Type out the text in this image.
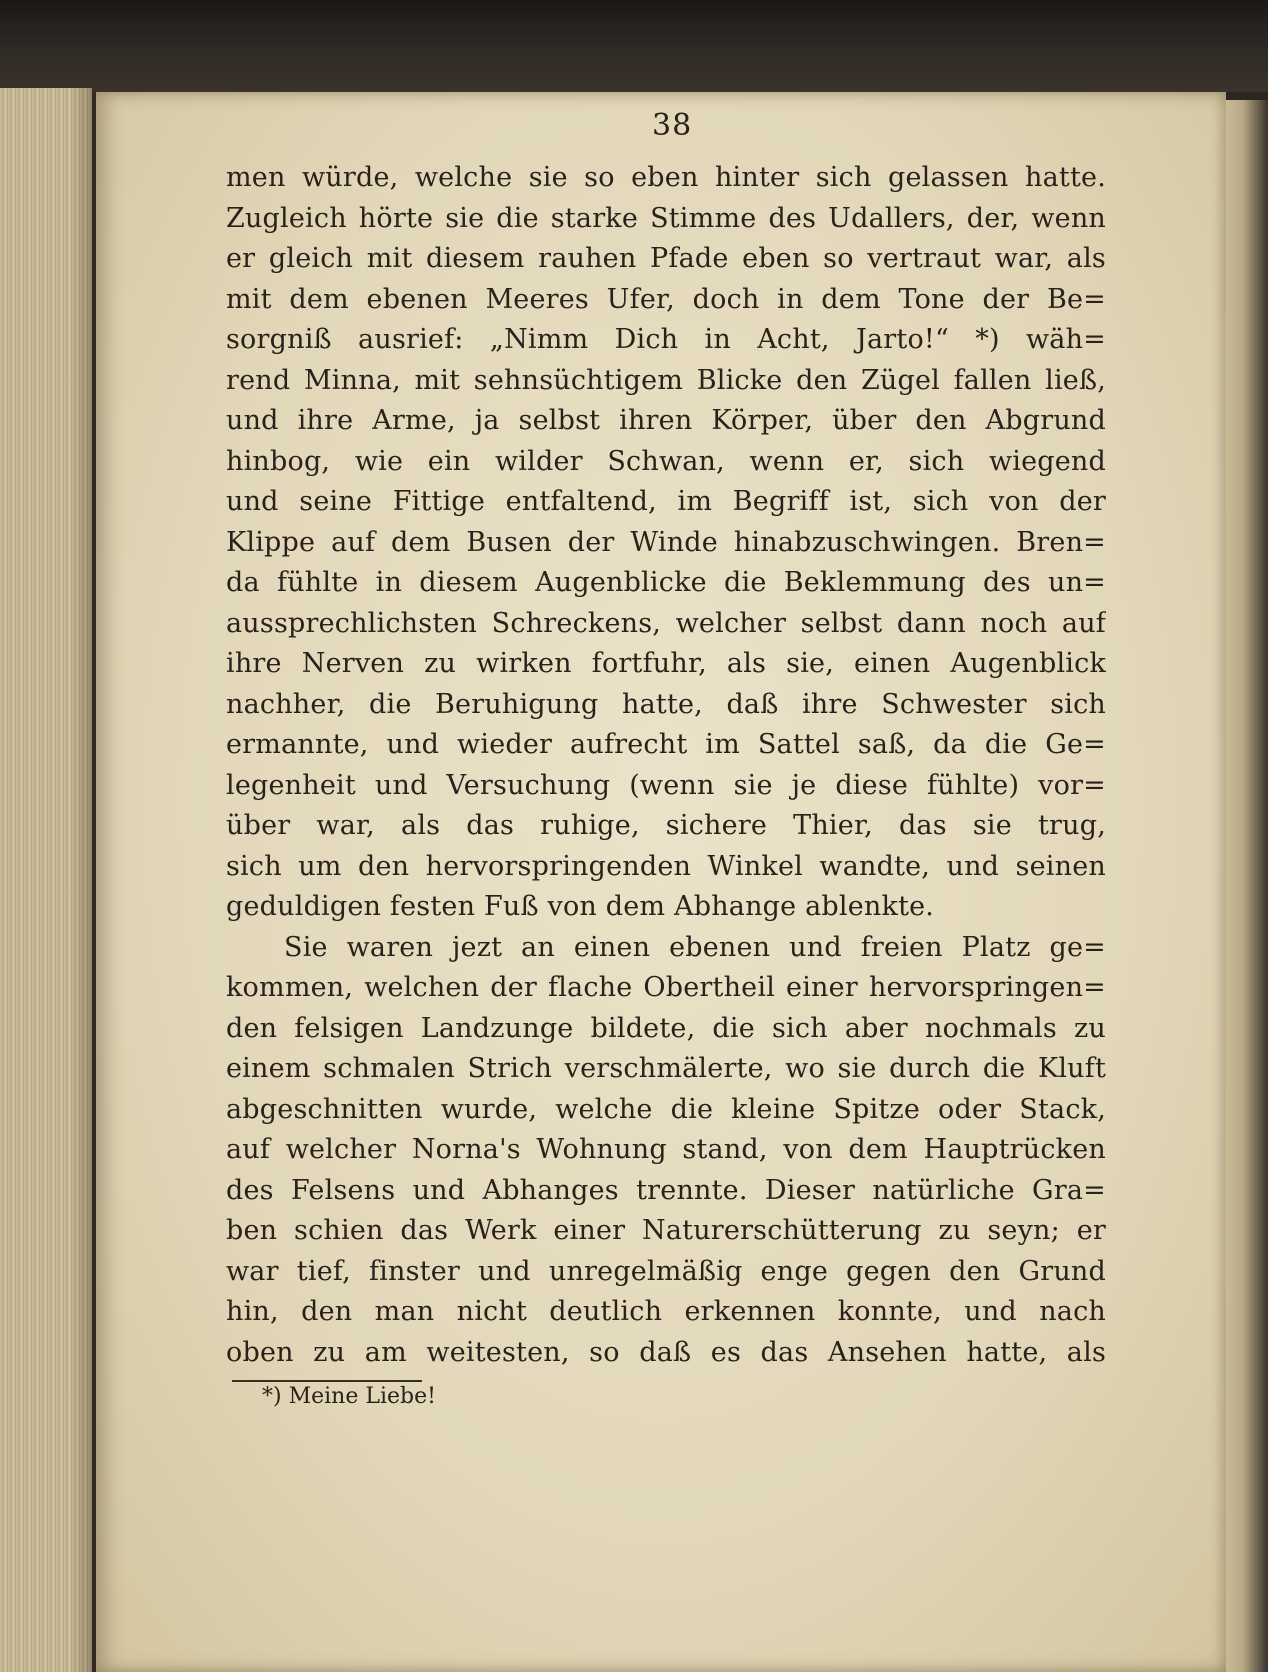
38
men würde, welche sie so eben hinter sich gelassen hatte.
Zugleich hörte sie die starke Stimme des Udallers, der, wenn
er gleich mit diesem rauhen Pfade eben so vertraut war, als
mit dem ebenen Meeres Ufer, doch in dem Tone der Be=
sorgniß ausrief: „Nimm Dich in Acht, Jarto!“ *) wäh=
rend Minna, mit sehnsüchtigem Blicke den Zügel fallen ließ,
und ihre Arme, ja selbst ihren Körper, über den Abgrund
hinbog, wie ein wilder Schwan, wenn er, sich wiegend
und seine Fittige entfaltend, im Begriff ist, sich von der
Klippe auf dem Busen der Winde hinabzuschwingen. Bren=
da fühlte in diesem Augenblicke die Beklemmung des un=
aussprechlichsten Schreckens, welcher selbst dann noch auf
ihre Nerven zu wirken fortfuhr, als sie, einen Augenblick
nachher, die Beruhigung hatte, daß ihre Schwester sich
ermannte, und wieder aufrecht im Sattel saß, da die Ge=
legenheit und Versuchung (wenn sie je diese fühlte) vor=
über war, als das ruhige, sichere Thier, das sie trug,
sich um den hervorspringenden Winkel wandte, und seinen
geduldigen festen Fuß von dem Abhange ablenkte.
Sie waren jezt an einen ebenen und freien Platz ge=
kommen, welchen der flache Obertheil einer hervorspringen=
den felsigen Landzunge bildete, die sich aber nochmals zu
einem schmalen Strich verschmälerte, wo sie durch die Kluft
abgeschnitten wurde, welche die kleine Spitze oder Stack,
auf welcher Norna's Wohnung stand, von dem Hauptrücken
des Felsens und Abhanges trennte. Dieser natürliche Gra=
ben schien das Werk einer Naturerschütterung zu seyn; er
war tief, finster und unregelmäßig enge gegen den Grund
hin, den man nicht deutlich erkennen konnte, und nach
oben zu am weitesten, so daß es das Ansehen hatte, als
*) Meine Liebe!
